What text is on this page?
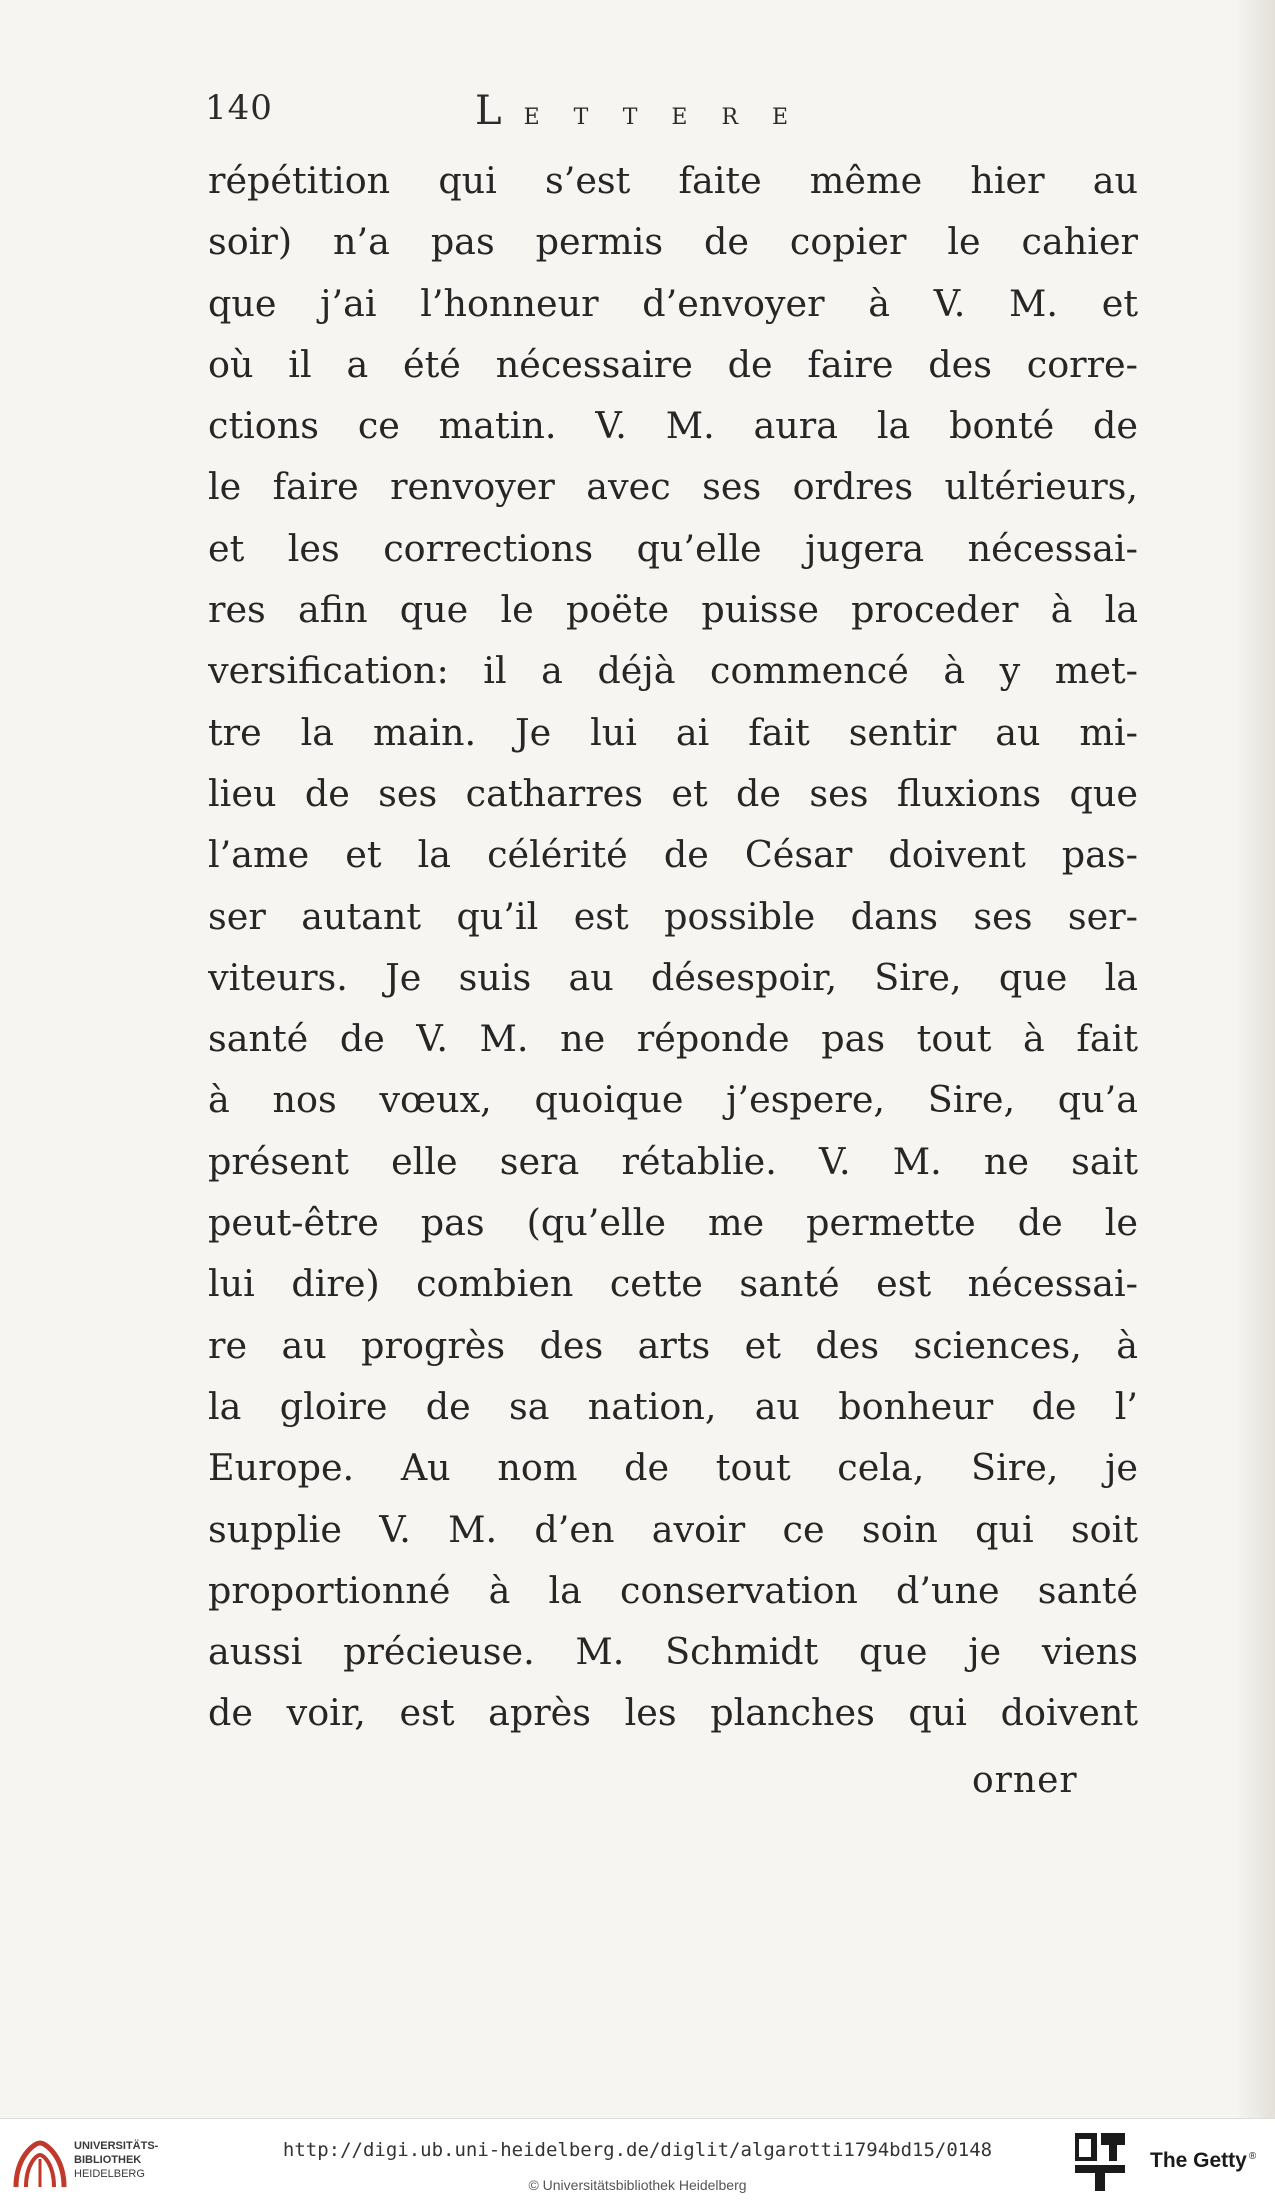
140	L ETTERE
répétition qui s’est faite même hier au
soir) n’a pas permis de copier le cahier
que j’ai l’honneur d’envoyer à V. M. et
où il a été nécessaire de faire des corre-
ctions ce matin. V. M. aura la bonté de
le faire renvoyer avec ses ordres ultérieurs,
et les corrections qu’elle jugera nécessai-
res afin que le poëte puisse proceder à la
versification: il a déjà commencé à y met-
tre la main. Je lui ai fait sentir au mi-
lieu de ses catharres et de ses fluxions que
l’ame et la célérité de César doivent pas-
ser autant qu’il est possible dans ses ser-
viteurs. Je suis au désespoir, Sire, que la
santé de V. M. ne réponde pas tout à fait
à nos vœux, quoique j’espere, Sire, qu’a
présent elle sera rétablie. V. M. ne sait
peut-être pas (qu’elle me permette de le
lui dire) combien cette santé est nécessai-
re au progrès des arts et des sciences, à
la gloire de sa nation, au bonheur de l’
Europe. Au nom de tout cela, Sire, je
supplie V. M. d’en avoir ce soin qui soit
proportionné à la conservation d’une santé
aussi précieuse. M. Schmidt que je viens
de voir, est après les planches qui doivent
orner
UNIVERSITÄTS-
BIBLIOTHEK
HEIDELBERG
http://digi.ub.uni-heidelberg.de/diglit/algarotti1794bd15/0148
© Universitätsbibliothek Heidelberg
The Getty ®
